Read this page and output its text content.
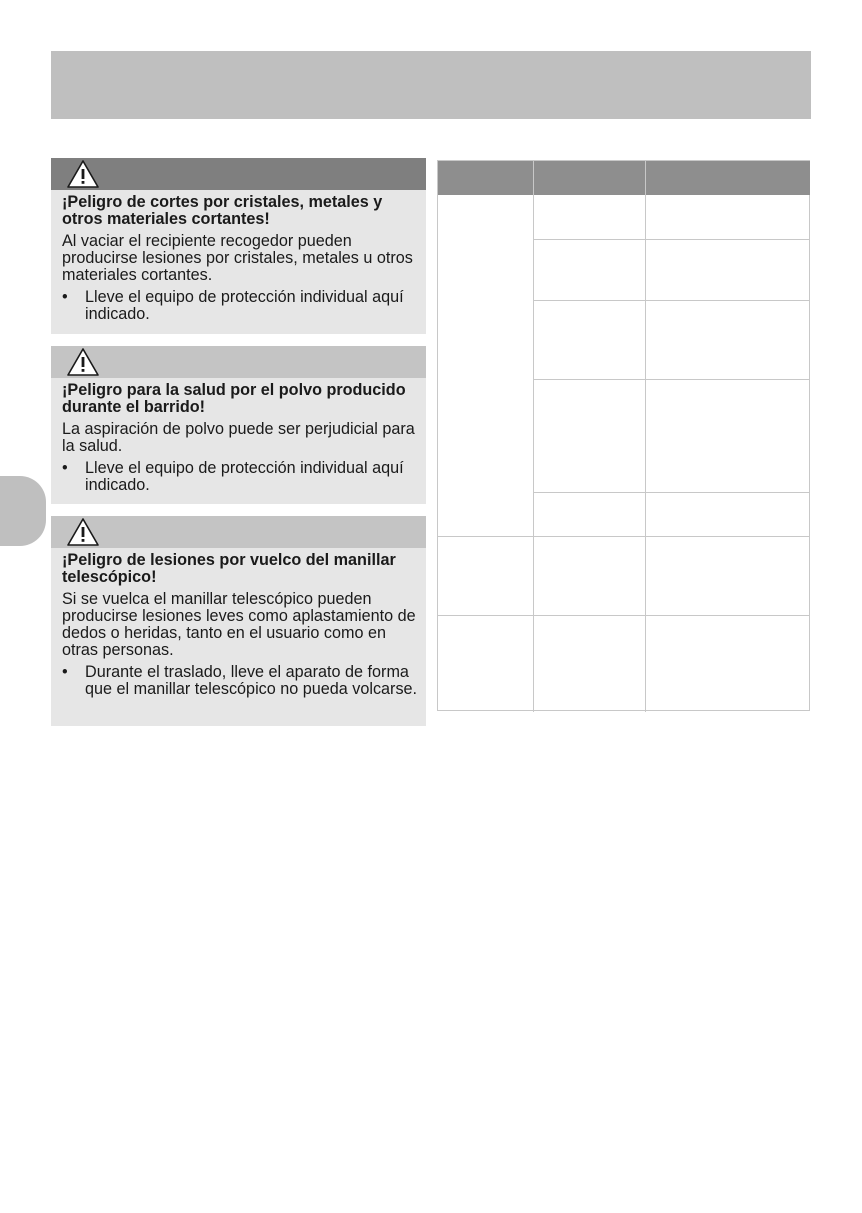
¡Peligro de cortes por cristales, metales y otros materiales cortantes!

Al vaciar el recipiente recogedor pueden producirse lesiones por cristales, metales u otros materiales cortantes.

•	Lleve el equipo de protección individual aquí indicado.

¡Peligro para la salud por el polvo producido durante el barrido!

La aspiración de polvo puede ser perjudicial para la salud.

•	Lleve el equipo de protección individual aquí indicado.

¡Peligro de lesiones por vuelco del manillar telescópico!

Si se vuelca el manillar telescópico pueden producirse lesiones leves como aplastamiento de dedos o heridas, tanto en el usuario como en otras personas.

•	Durante el traslado, lleve el aparato de forma que el manillar telescópico no pueda volcarse.
